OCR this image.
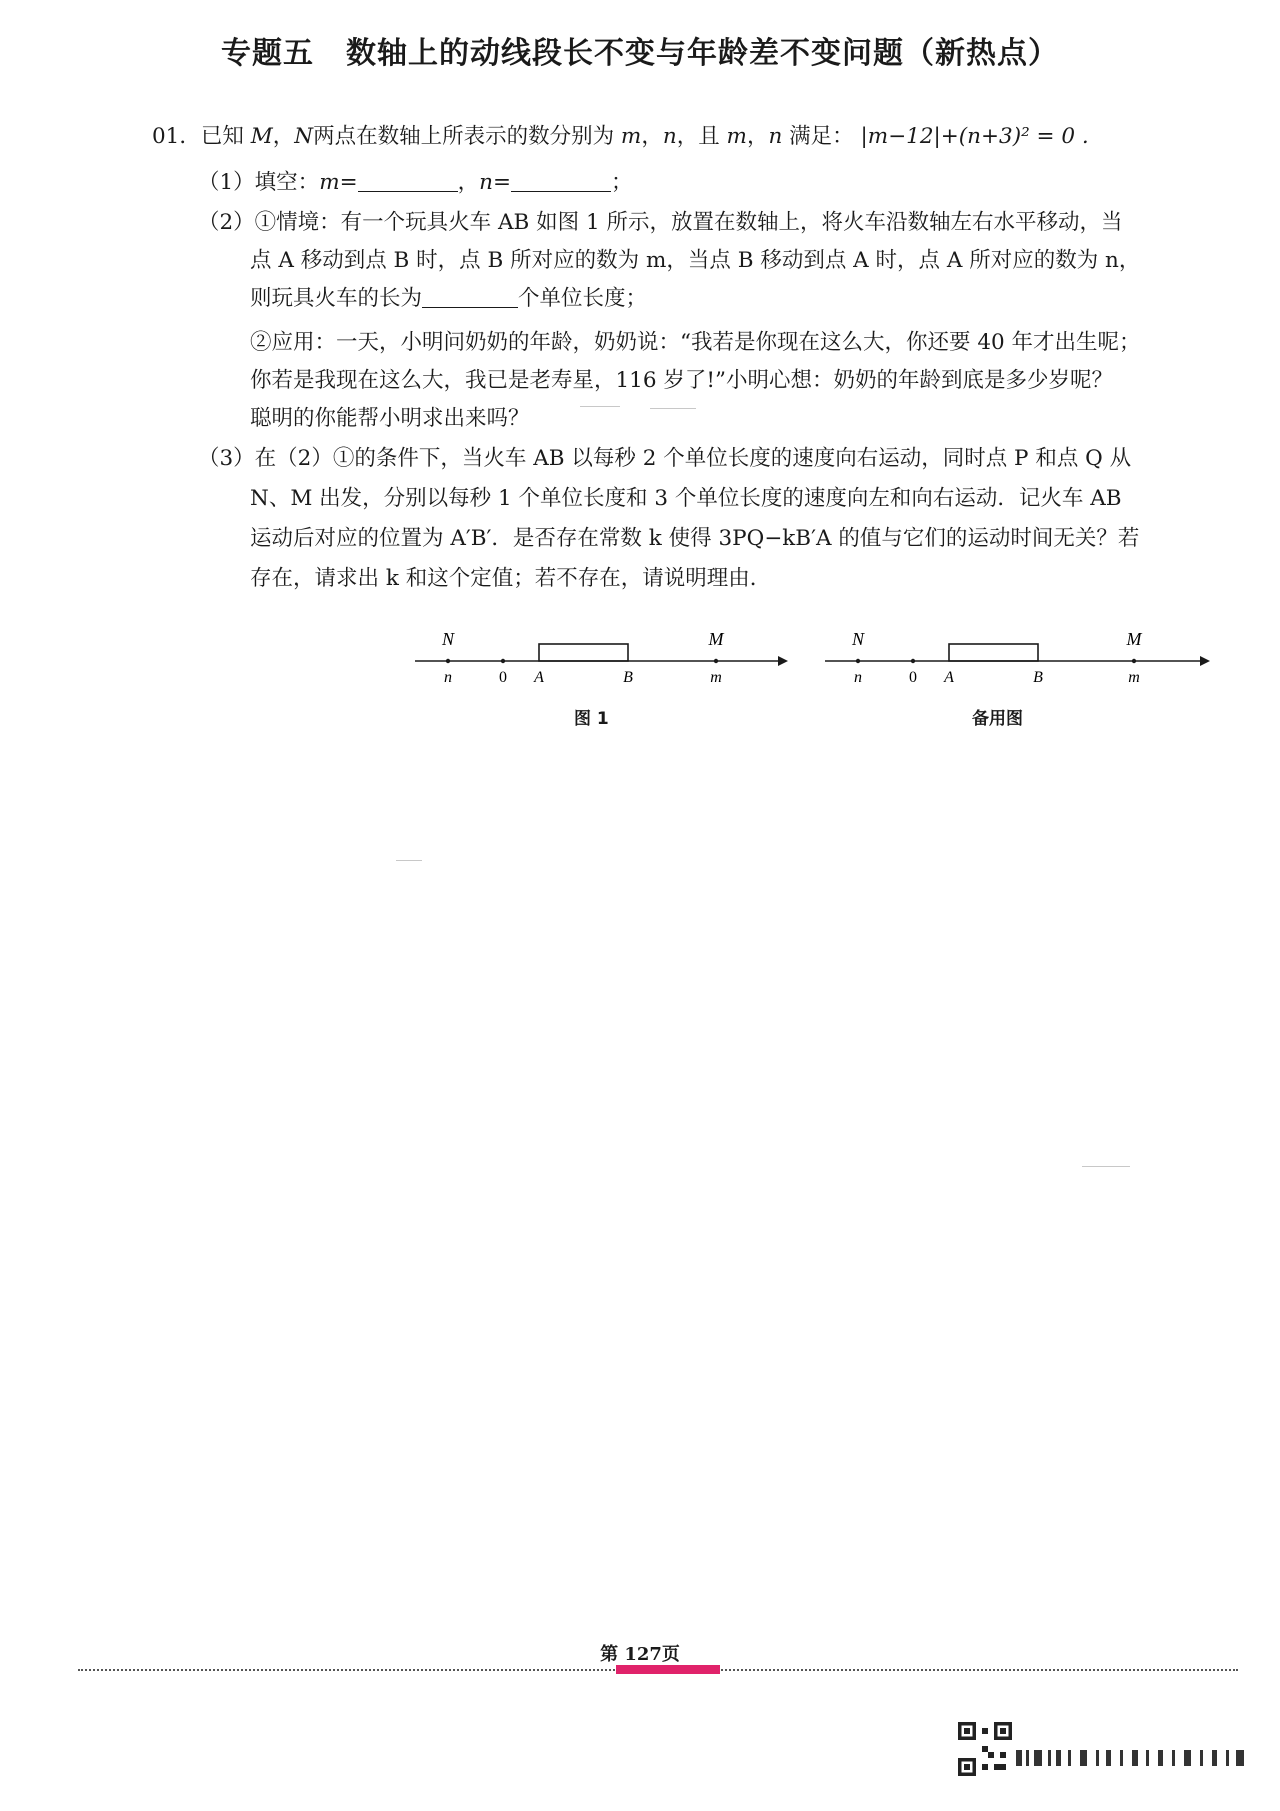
专题五 数轴上的动线段长不变与年龄差不变问题（新热点）
01．已知 M，N两点在数轴上所表示的数分别为 m，n，且 m，n 满足： |m−12|+(n+3)² = 0 .
（1）填空：m=	，n=	；
（2）①情境：有一个玩具火车 AB 如图 1 所示，放置在数轴上，将火车沿数轴左右水平移动，当
点 A 移动到点 B 时，点 B 所对应的数为 m，当点 B 移动到点 A 时，点 A 所对应的数为 n，
则玩具火车的长为	个单位长度；
②应用：一天，小明问奶奶的年龄，奶奶说：“我若是你现在这么大，你还要 40 年才出生呢；
你若是我现在这么大，我已是老寿星，116 岁了!”小明心想：奶奶的年龄到底是多少岁呢？
聪明的你能帮小明求出来吗？
（3）在（2）①的条件下，当火车 AB 以每秒 2 个单位长度的速度向右运动，同时点 P 和点 Q 从
N、M 出发，分别以每秒 1 个单位长度和 3 个单位长度的速度向左和向右运动．记火车 AB
运动后对应的位置为 A′B′．是否存在常数 k 使得 3PQ−kB′A 的值与它们的运动时间无关？若
存在，请求出 k 和这个定值；若不存在，请说明理由．
N	M
n	0 A	B	m
图 1
N	M
n	0 A	B	m
备用图
第 127页
